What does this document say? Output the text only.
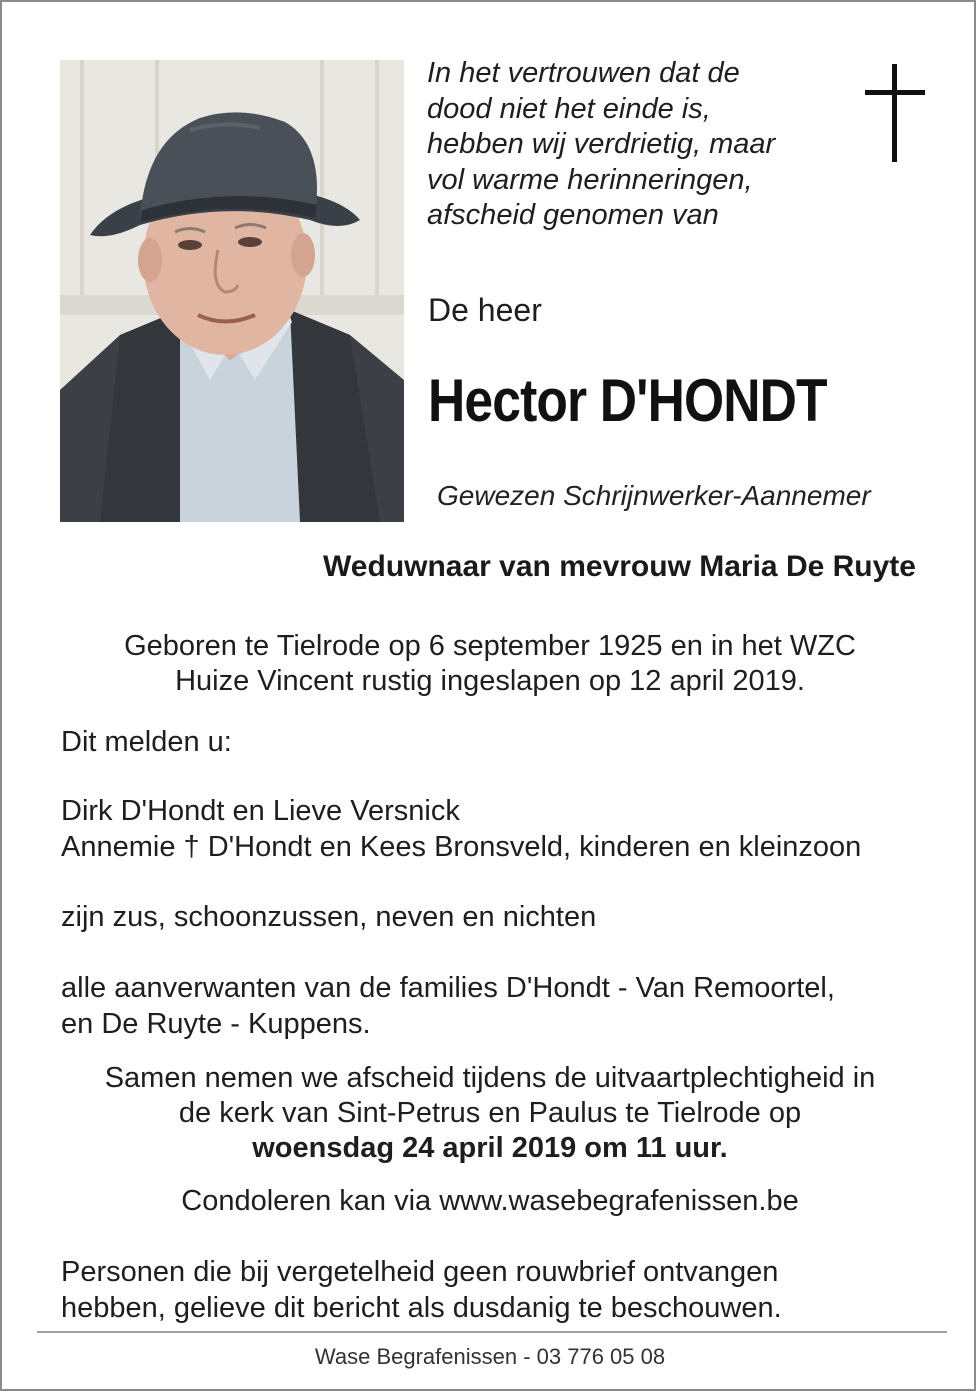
In het vertrouwen dat de
dood niet het einde is,
hebben wij verdrietig, maar
vol warme herinneringen,
afscheid genomen van

De heer

Hector D'HONDT

Gewezen Schrijnwerker-Aannemer

Weduwnaar van mevrouw Maria De Ruyte

Geboren te Tielrode op 6 september 1925 en in het WZC
Huize Vincent rustig ingeslapen op 12 april 2019.

Dit melden u:

Dirk D'Hondt en Lieve Versnick
Annemie † D'Hondt en Kees Bronsveld, kinderen en kleinzoon

zijn zus, schoonzussen, neven en nichten

alle aanverwanten van de families D'Hondt - Van Remoortel,
en De Ruyte - Kuppens.

Samen nemen we afscheid tijdens de uitvaartplechtigheid in
de kerk van Sint-Petrus en Paulus te Tielrode op
woensdag 24 april 2019 om 11 uur.

Condoleren kan via www.wasebegrafenissen.be

Personen die bij vergetelheid geen rouwbrief ontvangen
hebben, gelieve dit bericht als dusdanig te beschouwen.

Wase Begrafenissen - 03 776 05 08
